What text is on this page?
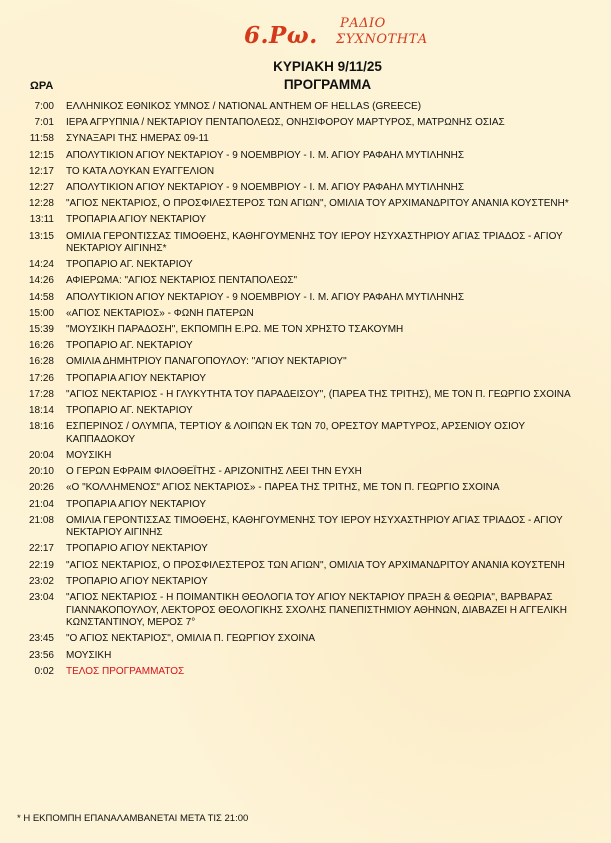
6.Ρω. ΡΑΔΙΟ
ΣΥΧΝΟΤΗΤΑ
ΚΥΡΙΑΚΗ 9/11/25
ΠΡΟΓΡΑΜΜΑ
ΩΡΑ
7:00 ΕΛΛΗΝΙΚΟΣ ΕΘΝΙΚΟΣ ΥΜΝΟΣ / NATIONAL ANTHEM OF HELLAS (GREECE)
7:01 ΙΕΡΑ ΑΓΡΥΠΝΙΑ / ΝΕΚΤΑΡΙΟΥ ΠΕΝΤΑΠΟΛΕΩΣ, ΟΝΗΣΙΦΟΡΟΥ ΜΑΡΤΥΡΟΣ, ΜΑΤΡΩΝΗΣ ΟΣΙΑΣ
11:58 ΣΥΝΑΞΑΡΙ ΤΗΣ ΗΜΕΡΑΣ 09-11
12:15 ΑΠΟΛΥΤΙΚΙΟΝ ΑΓΙΟΥ ΝΕΚΤΑΡΙΟΥ - 9 ΝΟΕΜΒΡΙΟΥ - Ι. Μ. ΑΓΙΟΥ ΡΑΦΑΗΛ ΜΥΤΙΛΗΝΗΣ
12:17 ΤΟ ΚΑΤΑ ΛΟΥΚΑΝ ΕΥΑΓΓΕΛΙΟΝ
12:27 ΑΠΟΛΥΤΙΚΙΟΝ ΑΓΙΟΥ ΝΕΚΤΑΡΙΟΥ - 9 ΝΟΕΜΒΡΙΟΥ - Ι. Μ. ΑΓΙΟΥ ΡΑΦΑΗΛ ΜΥΤΙΛΗΝΗΣ
12:28 "ΑΓΙΟΣ ΝΕΚΤΑΡΙΟΣ, Ο ΠΡΟΣΦΙΛΕΣΤΕΡΟΣ ΤΩΝ ΑΓΙΩΝ", ΟΜΙΛΙΑ ΤΟΥ ΑΡΧΙΜΑΝΔΡΙΤΟΥ ΑΝΑΝΙΑ ΚΟΥΣΤΕΝΗ*
13:11 ΤΡΟΠΑΡΙΑ ΑΓΙΟΥ ΝΕΚΤΑΡΙΟΥ
13:15 ΟΜΙΛΙΑ ΓΕΡΟΝΤΙΣΣΑΣ ΤΙΜΟΘΕΗΣ, ΚΑΘΗΓΟΥΜΕΝΗΣ ΤΟΥ ΙΕΡΟΥ ΗΣΥΧΑΣΤΗΡΙΟΥ ΑΓΙΑΣ ΤΡΙΑΔΟΣ - ΑΓΙΟΥ ΝΕΚΤΑΡΙΟΥ ΑΙΓΙΝΗΣ*
14:24 ΤΡΟΠΑΡΙΟ ΑΓ. ΝΕΚΤΑΡΙΟΥ
14:26 ΑΦΙΕΡΩΜΑ: "ΑΓΙΟΣ ΝΕΚΤΑΡΙΟΣ ΠΕΝΤΑΠΟΛΕΩΣ"
14:58 ΑΠΟΛΥΤΙΚΙΟΝ ΑΓΙΟΥ ΝΕΚΤΑΡΙΟΥ - 9 ΝΟΕΜΒΡΙΟΥ - Ι. Μ. ΑΓΙΟΥ ΡΑΦΑΗΛ ΜΥΤΙΛΗΝΗΣ
15:00 «ΑΓΙΟΣ ΝΕΚΤΑΡΙΟΣ» - ΦΩΝΗ ΠΑΤΕΡΩΝ
15:39 "ΜΟΥΣΙΚΗ ΠΑΡΑΔΟΣΗ", ΕΚΠΟΜΠΗ Ε.ΡΩ. ΜΕ ΤΟΝ ΧΡΗΣΤΟ ΤΣΑΚΟΥΜΗ
16:26 ΤΡΟΠΑΡΙΟ ΑΓ. ΝΕΚΤΑΡΙΟΥ
16:28 ΟΜΙΛΙΑ ΔΗΜΗΤΡΙΟΥ ΠΑΝΑΓΟΠΟΥΛΟΥ: "ΑΓΙΟΥ ΝΕΚΤΑΡΙΟΥ"
17:26 ΤΡΟΠΑΡΙΑ ΑΓΙΟΥ ΝΕΚΤΑΡΙΟΥ
17:28 "ΑΓΙΟΣ ΝΕΚΤΑΡΙΟΣ - Η ΓΛΥΚΥΤΗΤΑ ΤΟΥ ΠΑΡΑΔΕΙΣΟΥ", (ΠΑΡΕΑ ΤΗΣ ΤΡΙΤΗΣ), ΜΕ ΤΟΝ Π. ΓΕΩΡΓΙΟ ΣΧΟΙΝΑ
18:14 ΤΡΟΠΑΡΙΟ ΑΓ. ΝΕΚΤΑΡΙΟΥ
18:16 ΕΣΠΕΡΙΝΟΣ / ΟΛΥΜΠΑ, ΤΕΡΤΙΟΥ & ΛΟΙΠΩΝ ΕΚ ΤΩΝ 70, ΟΡΕΣΤΟΥ ΜΑΡΤΥΡΟΣ, ΑΡΣΕΝΙΟΥ ΟΣΙΟΥ ΚΑΠΠΑΔΟΚΟΥ
20:04 ΜΟΥΣΙΚΗ
20:10 Ο ΓΕΡΩΝ ΕΦΡΑΙΜ ΦΙΛΟΘΕΪΤΗΣ - ΑΡΙΖΟΝΙΤΗΣ ΛΕΕΙ ΤΗΝ ΕΥΧΗ
20:26 «Ο "ΚΟΛΛΗΜΕΝΟΣ" ΑΓΙΟΣ ΝΕΚΤΑΡΙΟΣ» - ΠΑΡΕΑ ΤΗΣ ΤΡΙΤΗΣ, ΜΕ ΤΟΝ Π. ΓΕΩΡΓΙΟ ΣΧΟΙΝΑ
21:04 ΤΡΟΠΑΡΙΑ ΑΓΙΟΥ ΝΕΚΤΑΡΙΟΥ
21:08 ΟΜΙΛΙΑ ΓΕΡΟΝΤΙΣΣΑΣ ΤΙΜΟΘΕΗΣ, ΚΑΘΗΓΟΥΜΕΝΗΣ ΤΟΥ ΙΕΡΟΥ ΗΣΥΧΑΣΤΗΡΙΟΥ ΑΓΙΑΣ ΤΡΙΑΔΟΣ - ΑΓΙΟΥ ΝΕΚΤΑΡΙΟΥ ΑΙΓΙΝΗΣ
22:17 ΤΡΟΠΑΡΙΟ ΑΓΙΟΥ ΝΕΚΤΑΡΙΟΥ
22:19 "ΑΓΙΟΣ ΝΕΚΤΑΡΙΟΣ, Ο ΠΡΟΣΦΙΛΕΣΤΕΡΟΣ ΤΩΝ ΑΓΙΩΝ", ΟΜΙΛΙΑ ΤΟΥ ΑΡΧΙΜΑΝΔΡΙΤΟΥ ΑΝΑΝΙΑ ΚΟΥΣΤΕΝΗ
23:02 ΤΡΟΠΑΡΙΟ ΑΓΙΟΥ ΝΕΚΤΑΡΙΟΥ
23:04 "ΑΓΙΟΣ ΝΕΚΤΑΡΙΟΣ - Η ΠΟΙΜΑΝΤΙΚΗ ΘΕΟΛΟΓΙΑ ΤΟΥ ΑΓΙΟΥ ΝΕΚΤΑΡΙΟΥ ΠΡΑΞΗ & ΘΕΩΡΙΑ", ΒΑΡΒΑΡΑΣ ΓΙΑΝΝΑΚΟΠΟΥΛΟΥ, ΛΕΚΤΟΡΟΣ ΘΕΟΛΟΓΙΚΗΣ ΣΧΟΛΗΣ ΠΑΝΕΠΙΣΤΗΜΙΟΥ ΑΘΗΝΩΝ, ΔΙΑΒΑΖΕΙ Η ΑΓΓΕΛΙΚΗ ΚΩΝΣΤΑΝΤΙΝΟΥ, ΜΕΡΟΣ 7°
23:45 "Ο ΑΓΙΟΣ ΝΕΚΤΑΡΙΟΣ", ΟΜΙΛΙΑ Π. ΓΕΩΡΓΙΟΥ ΣΧΟΙΝΑ
23:56 ΜΟΥΣΙΚΗ
0:02 ΤΕΛΟΣ ΠΡΟΓΡΑΜΜΑΤΟΣ
* Η ΕΚΠΟΜΠΗ ΕΠΑΝΑΛΑΜΒΑΝΕΤΑΙ ΜΕΤΑ ΤΙΣ 21:00
